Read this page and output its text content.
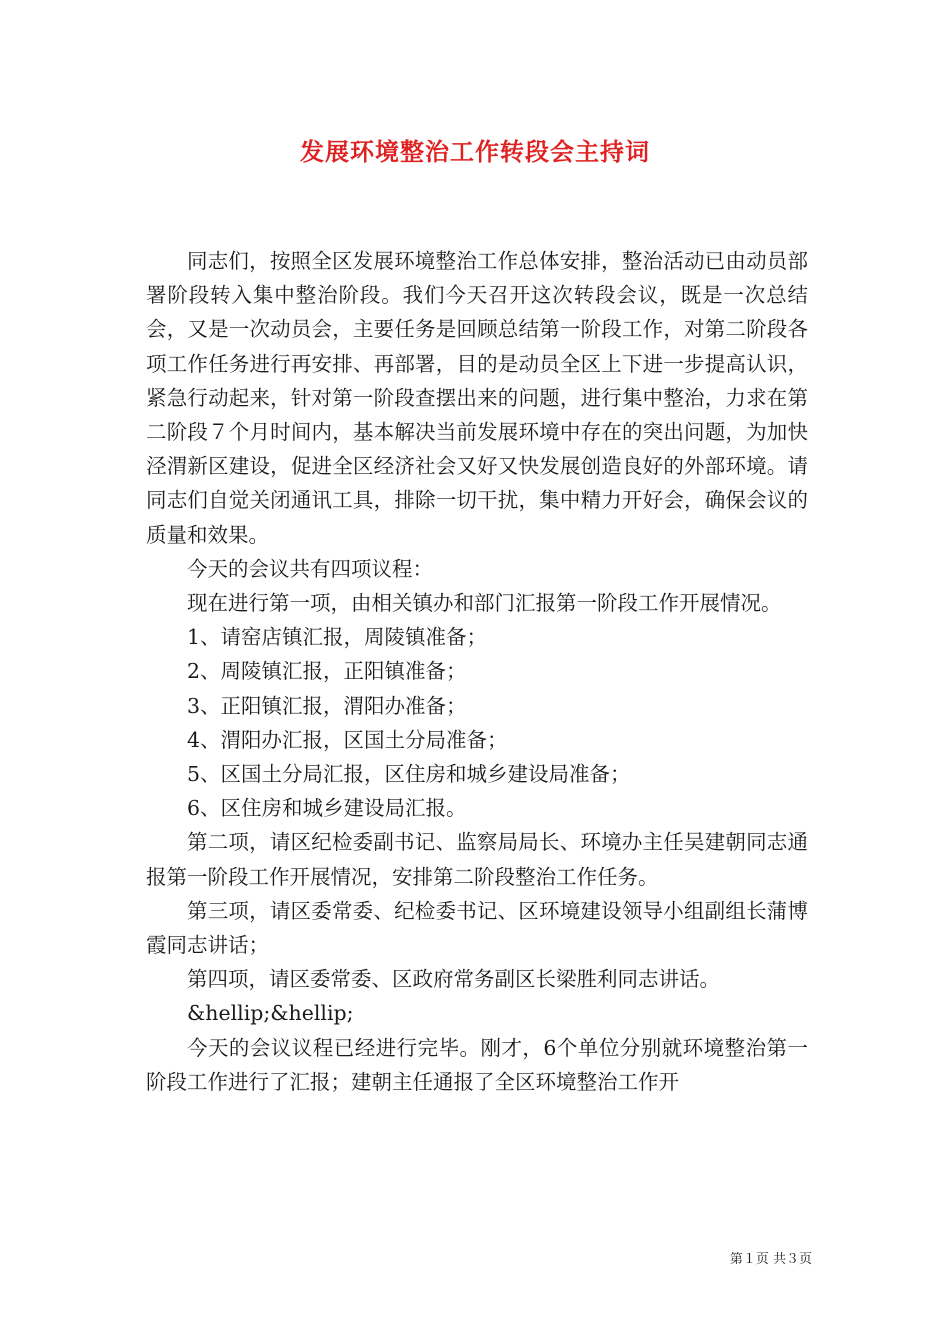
发展环境整治工作转段会主持词

同志们，按照全区发展环境整治工作总体安排，整治活动已由动员部署阶段转入集中整治阶段。我们今天召开这次转段会议，既是一次总结会，又是一次动员会，主要任务是回顾总结第一阶段工作，对第二阶段各项工作任务进行再安排、再部署，目的是动员全区上下进一步提高认识，紧急行动起来，针对第一阶段查摆出来的问题，进行集中整治，力求在第二阶段７个月时间内，基本解决当前发展环境中存在的突出问题，为加快泾渭新区建设，促进全区经济社会又好又快发展创造良好的外部环境。请同志们自觉关闭通讯工具，排除一切干扰，集中精力开好会，确保会议的质量和效果。

今天的会议共有四项议程：

现在进行第一项，由相关镇办和部门汇报第一阶段工作开展情况。

1、请窑店镇汇报，周陵镇准备；

2、周陵镇汇报，正阳镇准备；

3、正阳镇汇报，渭阳办准备；

4、渭阳办汇报，区国土分局准备；

5、区国土分局汇报，区住房和城乡建设局准备；

6、区住房和城乡建设局汇报。

第二项，请区纪检委副书记、监察局局长、环境办主任吴建朝同志通报第一阶段工作开展情况，安排第二阶段整治工作任务。

第三项，请区委常委、纪检委书记、区环境建设领导小组副组长蒲博霞同志讲话；

第四项，请区委常委、区政府常务副区长梁胜利同志讲话。

&hellip;&hellip;

今天的会议议程已经进行完毕。刚才，6个单位分别就环境整治第一阶段工作进行了汇报；建朝主任通报了全区环境整治工作开

第１页 共３页
